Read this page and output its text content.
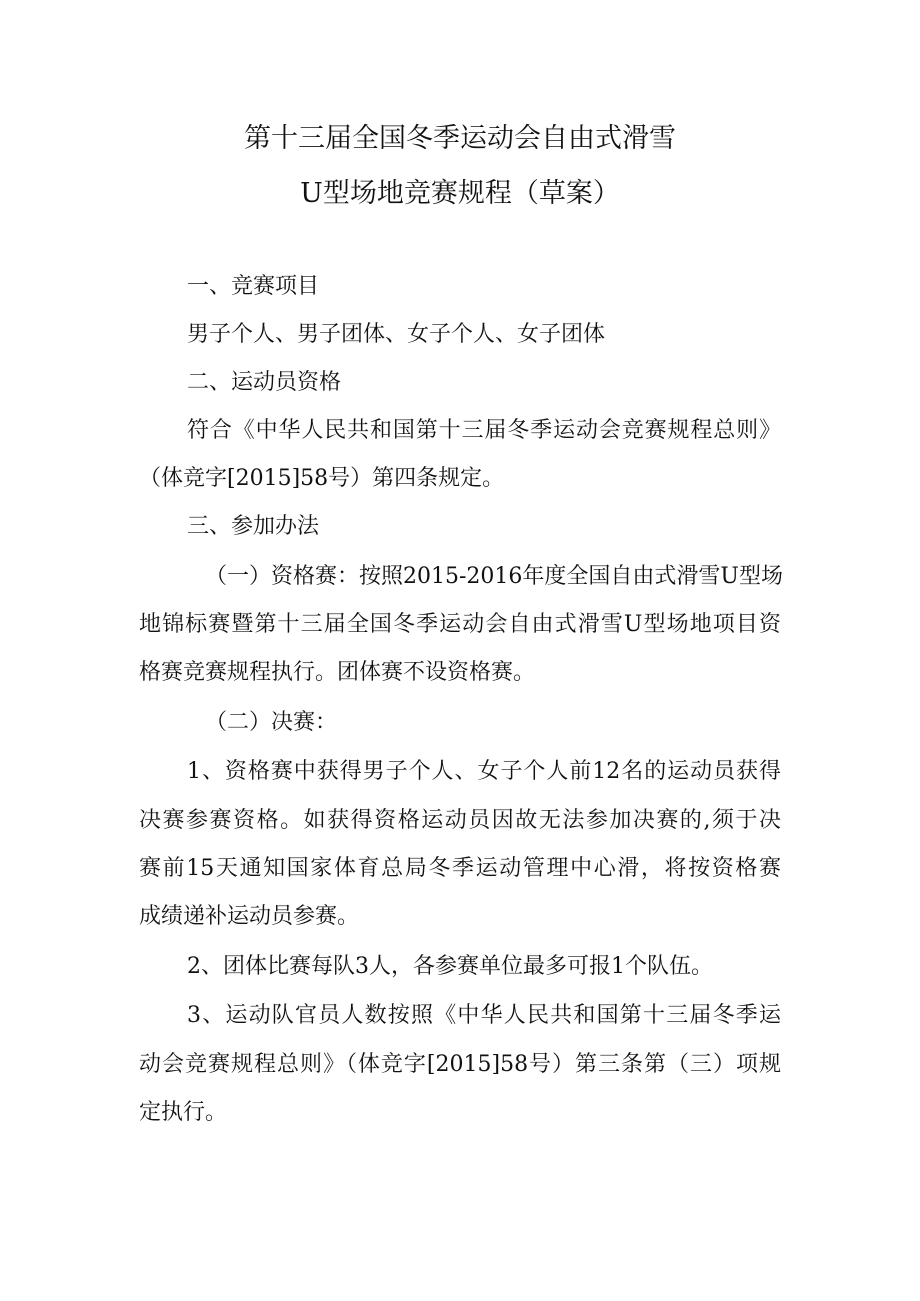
第十三届全国冬季运动会自由式滑雪
U型场地竞赛规程（草案）
一、竞赛项目
男子个人、男子团体、女子个人、女子团体
二、运动员资格
符合《中华人民共和国第十三届冬季运动会竞赛规程总则》
（体竞字[2015]58号）第四条规定。
三、参加办法
（一）资格赛：按照2015-2016年度全国自由式滑雪U型场
地锦标赛暨第十三届全国冬季运动会自由式滑雪U型场地项目资
格赛竞赛规程执行。团体赛不设资格赛。
（二）决赛：
1、资格赛中获得男子个人、女子个人前12名的运动员获得
决赛参赛资格。如获得资格运动员因故无法参加决赛的,须于决
赛前15天通知国家体育总局冬季运动管理中心滑，将按资格赛
成绩递补运动员参赛。
2、团体比赛每队3人，各参赛单位最多可报1个队伍。
3、运动队官员人数按照《中华人民共和国第十三届冬季运
动会竞赛规程总则》（体竞字[2015]58号）第三条第（三）项规
定执行。
